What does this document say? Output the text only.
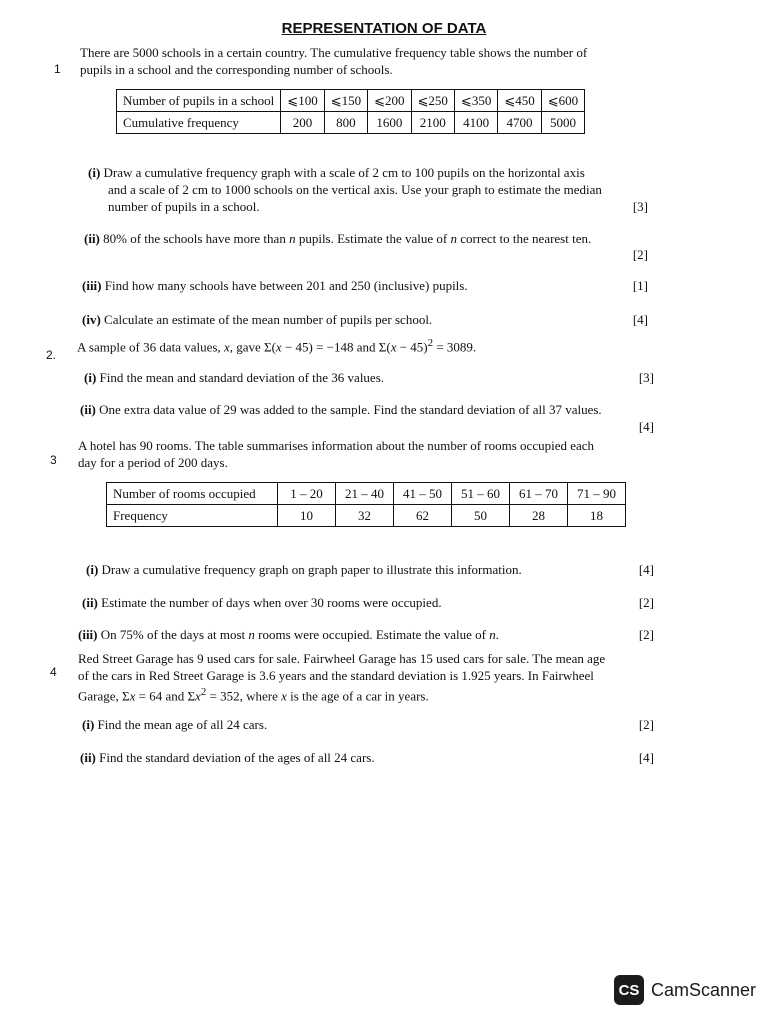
REPRESENTATION OF DATA
1
There are 5000 schools in a certain country. The cumulative frequency table shows the number of
pupils in a school and the corresponding number of schools.
Number of pupils in a school	⩽100	⩽150	⩽200	⩽250	⩽350	⩽450	⩽600
Cumulative frequency	200	800	1600	2100	4100	4700	5000
(i) Draw a cumulative frequency graph with a scale of 2 cm to 100 pupils on the horizontal axis
and a scale of 2 cm to 1000 schools on the vertical axis. Use your graph to estimate the median
number of pupils in a school.	[3]
(ii) 80% of the schools have more than n pupils. Estimate the value of n correct to the nearest ten.
[2]
(iii) Find how many schools have between 201 and 250 (inclusive) pupils.	[1]
(iv) Calculate an estimate of the mean number of pupils per school.	[4]
2.
A sample of 36 data values, x, gave Σ(x − 45) = −148 and $\Sigma(x - 45)^2 = 3089$.
(i) Find the mean and standard deviation of the 36 values.	[3]
(ii) One extra data value of 29 was added to the sample. Find the standard deviation of all 37 values.
[4]
3
A hotel has 90 rooms. The table summarises information about the number of rooms occupied each
day for a period of 200 days.
Number of rooms occupied	1 – 20	21 – 40	41 – 50	51 – 60	61 – 70	71 – 90
Frequency	10	32	62	50	28	18
(i) Draw a cumulative frequency graph on graph paper to illustrate this information.	[4]
(ii) Estimate the number of days when over 30 rooms were occupied.	[2]
(iii) On 75% of the days at most n rooms were occupied. Estimate the value of n.	[2]
4
Red Street Garage has 9 used cars for sale. Fairwheel Garage has 15 used cars for sale. The mean age
of the cars in Red Street Garage is 3.6 years and the standard deviation is 1.925 years. In Fairwheel
Garage, Σx = 64 and $\Sigma x^2 = 352$, where x is the age of a car in years.
(i) Find the mean age of all 24 cars.	[2]
(ii) Find the standard deviation of the ages of all 24 cars.	[4]
CS CamScanner
